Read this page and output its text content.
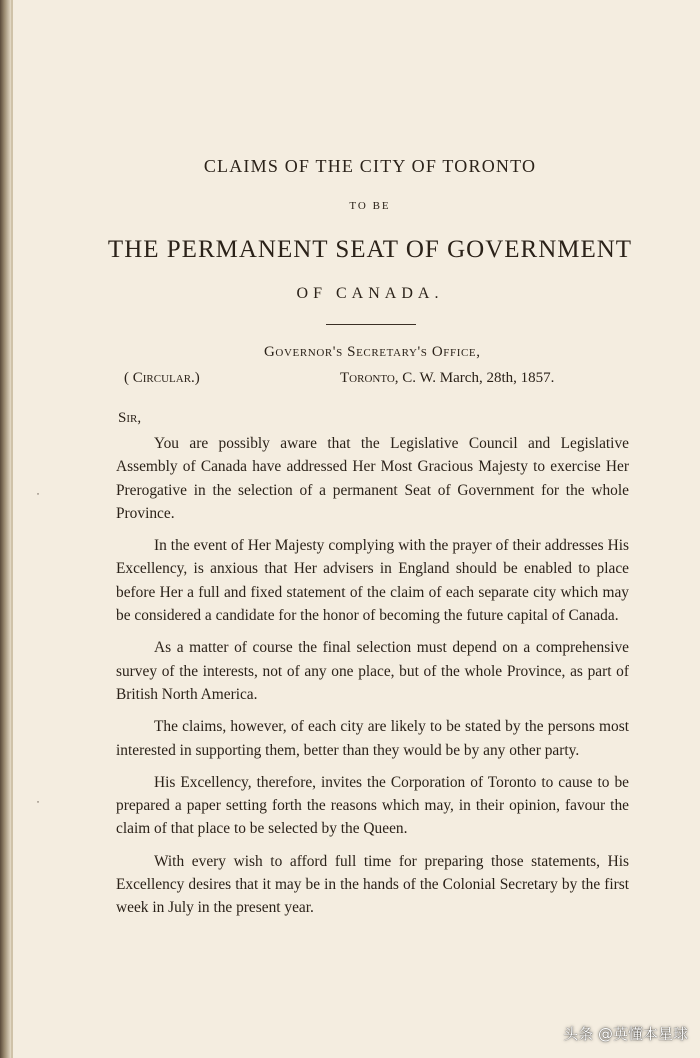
CLAIMS OF THE CITY OF TORONTO
TO BE
THE PERMANENT SEAT OF GOVERNMENT
OF CANADA.
Governor's Secretary's Office,
( Circular.)	Toronto, C. W. March, 28th, 1857.
Sir,

You are possibly aware that the Legislative Council and Legislative Assembly of Canada have addressed Her Most Gracious Majesty to exercise Her Prerogative in the selection of a permanent Seat of Government for the whole Province.

In the event of Her Majesty complying with the prayer of their addresses His Excellency, is anxious that Her advisers in England should be enabled to place before Her a full and fixed statement of the claim of each separate city which may be considered a candidate for the honor of becoming the future capital of Canada.

As a matter of course the final selection must depend on a comprehensive survey of the interests, not of any one place, but of the whole Province, as part of British North America.

The claims, however, of each city are likely to be stated by the persons most interested in supporting them, better than they would be by any other party.

His Excellency, therefore, invites the Corporation of Toronto to cause to be prepared a paper setting forth the reasons which may, in their opinion, favour the claim of that place to be selected by the Queen.

With every wish to afford full time for preparing those statements, His Excellency desires that it may be in the hands of the Colonial Secretary by the first week in July in the present year.

˙
˙
头条 @英懂本星球
